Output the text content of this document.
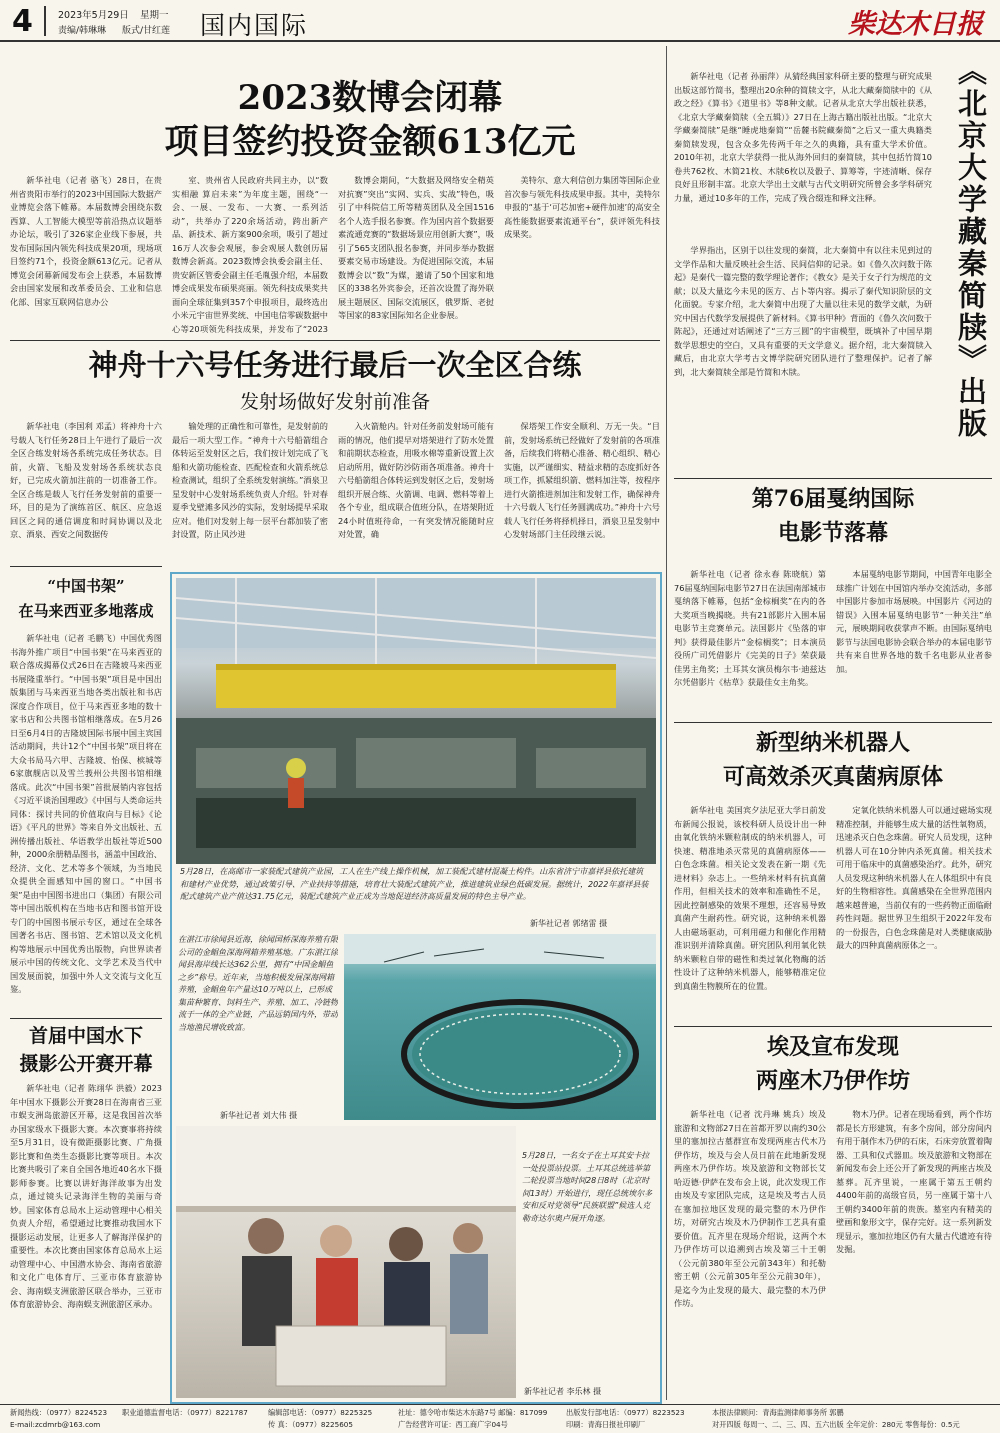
4	2023年5月29日 星期一
责编/韩琳琳 版式/甘红莲 国内国际	柴达木日报
2023数博会闭幕
项目签约投资金额613亿元
新华社电（记者 骆飞）28日，在贵州省贵阳市举行的2023中国国际大数据产业博览会落下帷幕。本届数博会围绕东数西算、人工智能大模型等前沿热点议题举办论坛，吸引了326家企业线下参展，共发布国际国内领先科技成果20项，现场项目签约71个，投资金额613亿元。记者从博览会闭幕新闻发布会上获悉，本届数博会由国家发展和改革委员会、工业和信息化部、国家互联网信息办公
室、贵州省人民政府共同主办，以“数实相融 算启未来”为年度主题，围绕“一会、一展、一发布、一大赛、一系列活动”，共举办了220余场活动，跨出新产品、新技术、新方案900余项，吸引了超过16万人次参会观展，参会观展人数创历届数博会新高。2023数博会执委会副主任、贵安新区管委会副主任毛胤强介绍，本届数博会成果发布硕果亮丽。领先科技成果奖共面向全球征集到357个申报项目，最终选出小米元宇宙世界奖统、中国电信零碳数据中心等20项领先科技成果，并发布了“2023
数博会期间，“大数据及网络安全精英对抗赛”突出“实网、实兵、实战”特色，吸引了中科院信工所等精英团队及全国1516名个人选手报名参赛。作为国内首个数据要素流通竞赛的“数据场景应用创新大赛”，吸引了565支团队报名参赛，并同步举办数据要素交易市场建设。为促进国际交流，本届数博会以“数”为媒，邀请了50个国家和地区的338名外宾参会，还首次设置了海外联展主题展区、国际交流展区，俄罗斯、老挝等国家的83家国际知名企业参展。
美特尔、意大利信创力集团等国际企业首次参与领先科技成果申报。其中，美特尔申报的“基于‘可芯加密+硬件加速’的高安全高性能数据要素流通平台”，获评领先科技成果奖。
神舟十六号任务进行最后一次全区合练
发射场做好发射前准备
新华社电（李国利 邓孟）将神舟十六号载人飞行任务28日上午进行了最后一次全区合练发射场各系统完成任务状态。目前，火箭、飞船及发射场各系统状态良好，已完成火箭加注前的一切准备工作。全区合练是载人飞行任务发射前的重要一环，目的是为了演练首区、航区、应急返回区之间的通信调度和时间协调以及北京、酒泉、西安之间数据传
输处理的正确性和可靠性，是发射前的最后一项大型工作。“神舟十六号船箭组合体转运至发射区之后，我们按计划完成了飞船和火箭功能检查、匹配检查和火箭系统总检查测试，组织了全系统发射演练。”酒泉卫星发射中心发射场系统负责人介绍。针对春夏季戈壁滩多风沙的实际，发射场提早采取应对。他们对发射上每一层平台都加装了密封设置，防止风沙进
入火箭舱内。针对任务前发射场可能有雨的情况，他们提早对塔架进行了防水处置和前期状态检查，用吸水棉等重新设置上次启动所用，做好防沙防雨各项准备。神舟十六号船箭组合体转运到发射区之后，发射场组织开展合练、火箭调、电调、燃料等着上各个专业，组成联合值班分队，在塔架附近24小时值班待命，一有突发情况能随时应对处置，确
保塔架工作安全顺利、万无一失。“目前，发射场系统已经做好了发射前的各项准备，后续我们将精心准备、精心组织、精心实施，以严谨细实、精益求精的态度抓好各项工作，抓紧组织箭、燃料加注等，按程序进行火箭推进剂加注和发射工作，确保神舟十六号载人飞行任务圆满成功。”神舟十六号载人飞行任务将择机择日，酒泉卫星发射中心发射场部门主任段继云说。
“中国书架”
在马来西亚多地落成
新华社电（记者 毛鹏飞）中国优秀图书海外推广项目“中国书架”在马来西亚的联合落成揭幕仪式26日在吉隆坡马来西亚书展隆重举行。“中国书架”项目是中国出版集团与马来西亚当地各类出版社和书店深度合作项目，位于马来西亚多地的数十家书店和公共图书馆相继落成。在5月26日至6月4日的吉隆坡国际书展中国主宾国活动期间，共计12个“中国书架”项目将在大众书局马六甲、吉隆坡、怡保、槟城等6家旗舰店以及雪兰莪州公共图书馆相继落成。此次“中国书架”首批展销内容包括《习近平谈治国理政》《中国与人类命运共同体：探讨共同的价值取向与目标》《论语》《平凡的世界》等来自外文出版社、五洲传播出版社、华语教学出版社等近500种，2000余册精品图书，涵盖中国政治、经济、文化、艺术等多个领域，为当地民众提供全面感知中国的窗口。“中国书架”是由中国图书进出口（集团）有限公司等中国出版机构在当地书店和图书馆开设专门的中国图书展示专区，通过在全球各国著名书店、图书馆、艺术馆以及文化机构等地展示中国优秀出版物，向世界读者展示中国的传统文化、文学艺术及当代中国发展面貌，加强中外人文交流与文化互鉴。
首届中国水下
摄影公开赛开幕
新华社电（记者 陈翊华 洪毅）2023年中国水下摄影公开赛28日在海南省三亚市蜈支洲岛旅游区开幕，这是我国首次举办国家级水下摄影大赛。本次赛事将持续至5月31日，设有微距摄影比赛、广角摄影比赛和鱼类生态摄影比赛等项目。本次比赛共吸引了来自全国各地近40名水下摄影师参赛。比赛以讲好海洋故事为出发点，通过镜头记录海洋生物的美丽与奇妙。国家体育总局水上运动管理中心相关负责人介绍，希望通过比赛推动我国水下摄影运动发展，让更多人了解海洋保护的重要性。本次比赛由国家体育总局水上运动管理中心、中国潜水协会、海南省旅游和文化广电体育厅、三亚市体育旅游协会、海南蜈支洲旅游区联合举办，三亚市体育旅游协会、海南蜈支洲旅游区承办。
5月28日，在高邮市一家装配式建筑产业园，工人在生产线上操作机械，加工装配式建材混凝土构件。山东省济宁市嘉祥县依托建筑和建材产业优势，通过政策引导、产业扶持等措施，培育壮大装配式建筑产业，推进建筑业绿色低碳发展。据统计，2022年嘉祥县装配式建筑产业产值达31.75亿元，装配式建筑产业正成为当地促进经济高质量发展的特色主导产业。
新华社记者 郭绪雷 摄
在湛江市徐闻县近海，徐闻国桥深海养殖有限公司的金鲳鱼深海网箱养殖基地。广东湛江徐闻县海岸线长达362公里，拥有“中国金鲳鱼之乡”称号。近年来，当地积极发展深海网箱养殖，金鲳鱼年产量达10万吨以上，已形成集苗种繁育、饲料生产、养殖、加工、冷链物流于一体的全产业链，产品远销国内外，带动当地渔民增收致富。
新华社记者 刘大伟 摄
5月28日，一名女子在土耳其安卡拉一处投票站投票。土耳其总统选举第二轮投票当地时间28日8时（北京时间13时）开始进行，现任总统埃尔多安和反对党领导“民族联盟”候选人克勒奇达尔奥卢展开角逐。
新华社记者 李乐林 摄
新华社电（记者 孙丽萍）从猜经典国家科研主要的整理与研究成果出版这部竹简书，整理出20余种的简牍文字，从北大藏秦简牍中的《从政之经》《算书》《道里书》等8种文献。记者从北京大学出版社获悉，《北京大学藏秦简牍（全五辑）》27日在上海古籍出版社出版。“北京大学藏秦简牍”是继“睡虎地秦简”“岳麓书院藏秦简”之后又一重大典籍类秦简牍发现，包含众多先传两千年之久的典籍，具有重大学术价值。2010年初，北京大学获得一批从海外回归的秦简牍，其中包括竹简10卷共762枚、木简21枚、木牍6枚以及骰子、算筹等，字迹清晰、保存良好且形制丰富。北京大学出土文献与古代文明研究所曾会多学科研究力量，通过10多年的工作，完成了残合缀连和释文注释。
学界指出，区别于以往发现的秦简，北大秦简中有以往未见到过的文学作品和大量反映社会生活、民间信仰的记录。如《鲁久次问数于陈起》是秦代一篇完整的数学理论著作；《教女》是关于女子行为规范的文献；以及大量迄今未见的医方、占卜等内容。揭示了秦代知识阶层的文化面貌。专家介绍，北大秦简中出现了大量以往未见的数学文献，为研究中国古代数学发展提供了新材料。《算书甲种》背面的《鲁久次问数于陈起》，还通过对话阐述了“三方三圆”的宇宙模型，既填补了中国早期数学思想史的空白，又具有重要的天文学意义。据介绍，北大秦简牍入藏后，由北京大学考古文博学院研究团队进行了整理保护。记者了解到，北大秦简牍全部是竹简和木牍。	《北京大学藏秦简牍》出版
第76届戛纳国际
电影节落幕
新华社电（记者 徐永春 陈晓航）第76届戛纳国际电影节27日在法国南部城市戛纳落下帷幕，包括“金棕榈奖”在内的各大奖项当晚揭晓。共有21部影片入围本届电影节主竞赛单元。法国影片《坠落的审判》获得最佳影片“金棕榈奖”；日本演员役所广司凭借影片《完美的日子》荣获最佳男主角奖；土耳其女演员梅尔韦·迪兹达尔凭借影片《枯草》获最佳女主角奖。
本届戛纳电影节期间，中国青年电影全球推广计划在中国馆内举办交流活动，多部中国影片参加市场展映。中国影片《河边的错误》入围本届戛纳电影节“一种关注”单元，展映期间收获掌声不断。由国际戛纳电影节与法国电影协会联合举办的本届电影节共有来自世界各地的数千名电影从业者参加。
新型纳米机器人
可高效杀灭真菌病原体
新华社电 美国宾夕法尼亚大学日前发布新闻公报说，该校科研人员设计出一种由氧化铁纳米颗粒制成的纳米机器人，可快速、精准地杀灭常见的真菌病原体——白色念珠菌。相关论文发表在新一期《先进材料》杂志上。一些纳米材料有抗真菌作用，但相关技术的效率和准确性不足，因此控制感染的效果不理想，还容易导致真菌产生耐药性。研究说，这种纳米机器人由磁场驱动，可利用磁力和催化作用精准识别并清除真菌。研究团队利用氧化铁纳米颗粒自带的磁性和类过氧化物酶的活性设计了这种纳米机器人，能够精准定位到真菌生物膜所在的位置。
定氧化铁纳米机器人可以通过磁场实现精准控制，并能够生成大量的活性氧物质，迅速杀灭白色念珠菌。研究人员发现，这种机器人可在10分钟内杀死真菌。相关技术可用于临床中的真菌感染治疗。此外，研究人员发现这种纳米机器人在人体组织中有良好的生物相容性。真菌感染在全世界范围内越来越普遍，当前仅有的一些药物正面临耐药性问题。据世界卫生组织于2022年发布的一份报告，白色念珠菌是对人类健康威胁最大的四种真菌病原体之一。
埃及宣布发现
两座木乃伊作坊
新华社电（记者 沈丹琳 姚兵）埃及旅游和文物部27日在首都开罗以南约30公里的塞加拉古墓群宣布发现两座古代木乃伊作坊，埃及与会人员日前在此地新发现两座木乃伊作坊。埃及旅游和文物部长艾哈迈德·伊萨在发布会上说，此次发现工作由埃及专家团队完成，这是埃及考古人员在塞加拉地区发现的最完整的木乃伊作坊，对研究古埃及木乃伊制作工艺具有重要价值。瓦齐里在现场介绍说，这两个木乃伊作坊可以追溯到古埃及第三十王朝（公元前380年至公元前343年）和托勒密王朝（公元前305年至公元前30年），是迄今为止发现的最大、最完整的木乃伊作坊。
物木乃伊。记者在现场看到，两个作坊都是长方形建筑，有多个房间，部分房间内有用于制作木乃伊的石床，石床旁放置着陶器、工具和仪式器皿。埃及旅游和文物部在新闻发布会上还公开了新发现的两座古埃及墓葬。瓦齐里说，一座属于第五王朝约4400年前的高级官员，另一座属于第十八王朝约3400年前的贵族。墓室内有精美的壁画和象形文字，保存完好。这一系列新发现显示，塞加拉地区仍有大量古代遗迹有待发掘。
新闻热线：（0977）8224523
E-mail:zcdmrb@163.com
职业道德监督电话：（0977）8221787	编辑部电话：（0977）8225325
传 真：（0977）8225605
社址：德令哈市柴达木东路7号 邮编：817099
广告经营许可证：西工商广字04号
出版发行部电话：（0977）8223523
印刷：青海日报社印刷厂
本报法律顾问：青海监测律师事务所 郭鹏
对开四版 每周一、二、三、四、五六出版 全年定价：280元 零售每份：0.5元
